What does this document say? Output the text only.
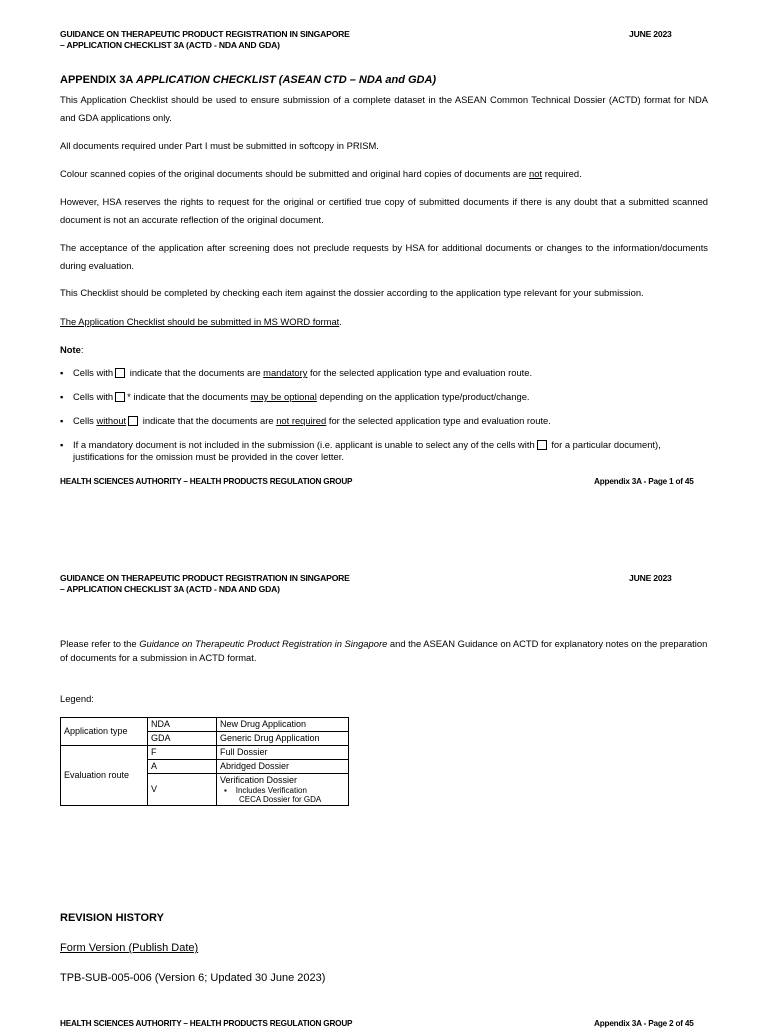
GUIDANCE ON THERAPEUTIC PRODUCT REGISTRATION IN SINGAPORE
– APPLICATION CHECKLIST 3A (ACTD - NDA AND GDA)
JUNE 2023
APPENDIX 3A APPLICATION CHECKLIST (ASEAN CTD – NDA and GDA)
This Application Checklist should be used to ensure submission of a complete dataset in the ASEAN Common Technical Dossier (ACTD) format for NDA and GDA applications only.
All documents required under Part I must be submitted in softcopy in PRISM.
Colour scanned copies of the original documents should be submitted and original hard copies of documents are not required.
However, HSA reserves the rights to request for the original or certified true copy of submitted documents if there is any doubt that a submitted scanned document is not an accurate reflection of the original document.
The acceptance of the application after screening does not preclude requests by HSA for additional documents or changes to the information/documents during evaluation.
This Checklist should be completed by checking each item against the dossier according to the application type relevant for your submission.
The Application Checklist should be submitted in MS WORD format.
Note:
▪ Cells with indicate that the documents are mandatory for the selected application type and evaluation route.
▪ Cells with * indicate that the documents may be optional depending on the application type/product/change.
▪ Cells without indicate that the documents are not required for the selected application type and evaluation route.
▪ If a mandatory document is not included in the submission (i.e. applicant is unable to select any of the cells with for a particular document), justifications for the omission must be provided in the cover letter.
HEALTH SCIENCES AUTHORITY – HEALTH PRODUCTS REGULATION GROUP	Appendix 3A - Page 1 of 45
GUIDANCE ON THERAPEUTIC PRODUCT REGISTRATION IN SINGAPORE
– APPLICATION CHECKLIST 3A (ACTD - NDA AND GDA)
JUNE 2023
Please refer to the Guidance on Therapeutic Product Registration in Singapore and the ASEAN Guidance on ACTD for explanatory notes on the preparation of documents for a submission in ACTD format.
Legend:
Application type	NDA	New Drug Application
	GDA	Generic Drug Application
Evaluation route	F	Full Dossier
	A	Abridged Dossier
	V	Verification Dossier
▪    Includes Verification
CECA Dossier for GDA
REVISION HISTORY
Form Version (Publish Date)
TPB-SUB-005-006 (Version 6; Updated 30 June 2023)
HEALTH SCIENCES AUTHORITY – HEALTH PRODUCTS REGULATION GROUP	Appendix 3A - Page 2 of 45
